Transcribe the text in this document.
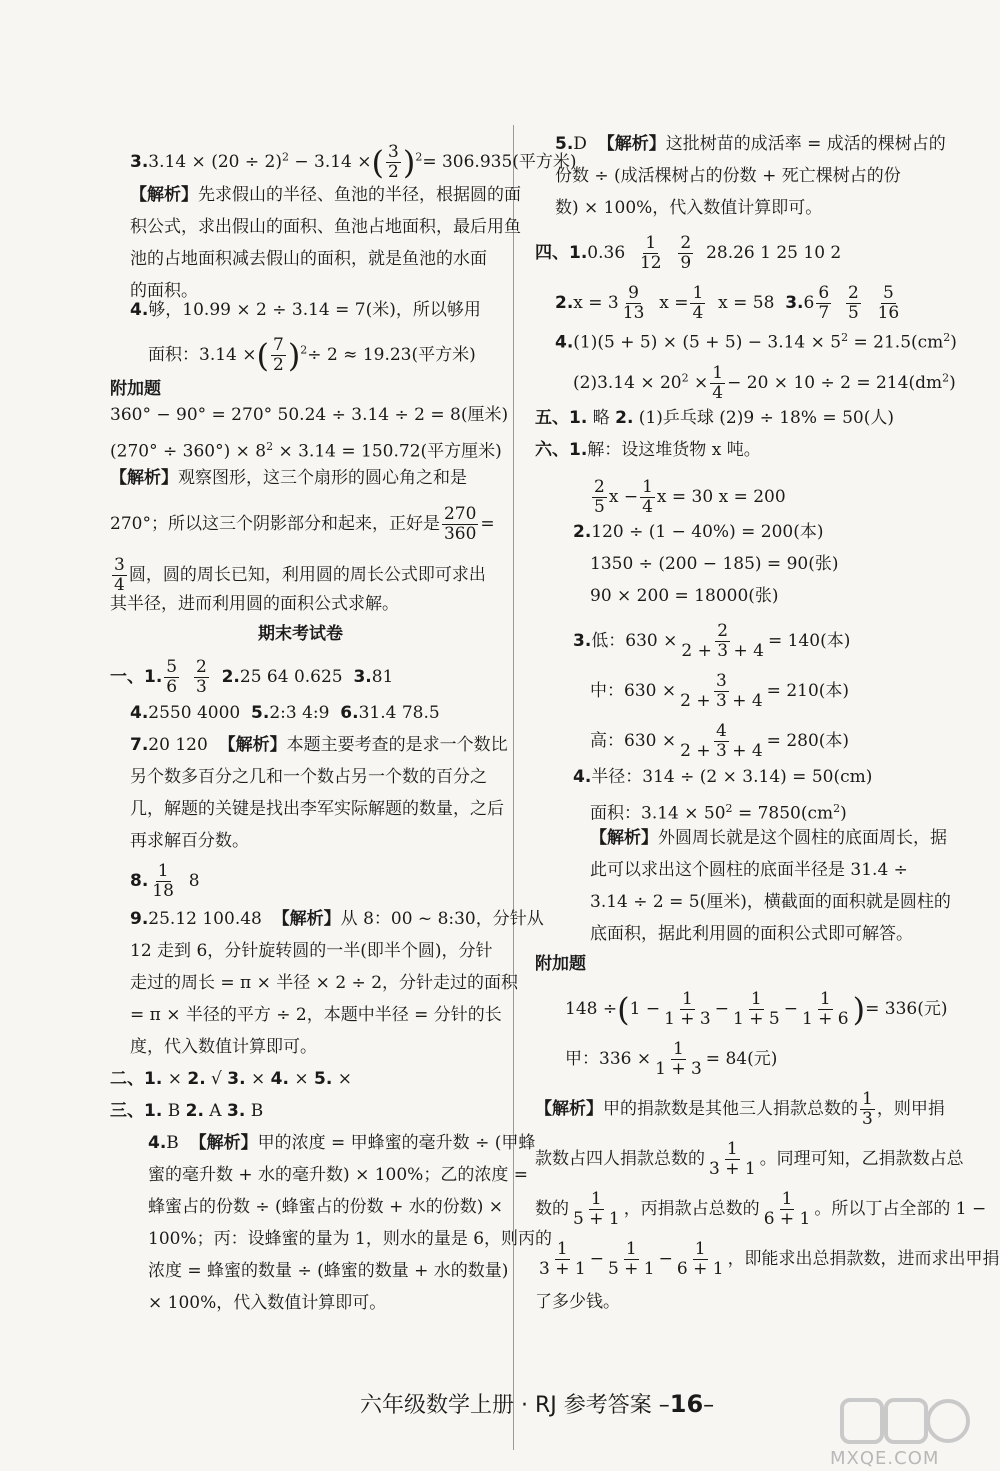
$3.3.14 \times (20 \div 2)^2 - 3.14$ ×( $\frac{3}{2} )^2= 306.935$(平方米)
【解析】先求假山的半径、鱼池的半径，根据圆的面
积公式，求出假山的面积、鱼池占地面积，最后用鱼
池的占地面积减去假山的面积，就是鱼池的水面
的面积。
4.够，10.99 × 2 ÷ 3.14 = 7(米)，所以够用
面积：3.14 ×( $\frac{7}{2} )^2\div 2 \approx 19.23$(平方米)
附加题
360° − 90° = 270° 50.24 ÷ 3.14 ÷ 2 = 8(厘米)
$(270^\circ \div 360^\circ) \times 8^2 \times 3.14 = 150.72$(平方厘米)
【解析】观察图形，这三个扇形的圆心角之和是
270°；所以这三个阴影部分和起来，正好是 $\frac{270}{360}$ =
$\frac{3}{4}$ 圆，圆的周长已知，利用圆的周长公式即可求出
其半径，进而利用圆的面积公式求解。
期末考试卷
一、1. $\frac{5}{6}$
$\frac{2}{3} 2.25$ 64 0.625 3.81
4.2550 4000 5.2:3 4:9 6.31.4 78.5
7.20 120 【解析】本题主要考查的是求一个数比
另个数多百分之几和一个数占另一个数的百分之
几，解题的关键是找出李军实际解题的数量，之后
再求解百分数。
8. $\frac{1}{18} 8$
9.25.12 100.48 【解析】从 8：00 ~ 8:30，分针从
12 走到 6，分针旋转圆的一半(即半个圆)，分针
走过的周长 = π × 半径 × 2 ÷ 2，分针走过的面积
= π × 半径的平方 ÷ 2，本题中半径 = 分针的长
度，代入数值计算即可。
二、1. × 2. √ 3. × 4. × 5. ×
三、1. B 2. A 3. B
4.B 【解析】甲的浓度 = 甲蜂蜜的毫升数 ÷ (甲蜂
蜜的毫升数 + 水的毫升数) × 100%；乙的浓度 =
蜂蜜占的份数 ÷ (蜂蜜占的份数 + 水的份数) ×
100%；丙：设蜂蜜的量为 1，则水的量是 6，则丙的
浓度 = 蜂蜜的数量 ÷ (蜂蜜的数量 + 水的数量)
× 100%，代入数值计算即可。
5.D 【解析】这批树苗的成活率 = 成活的棵树占的
份数 ÷ (成活棵树占的份数 + 死亡棵树占的份
数) × 100%，代入数值计算即可。
四、$1.0.36 \frac{1}{12}$
$\frac{2}{9} 28.26$ 1 25 10 2
$2.x = 3 \frac{9}{13}$ $x = \frac{1}{4}$ x = 58 $3.6 \frac{6}{7}$
$\frac{2}{5}$
$\frac{5}{16}$
$4.(1)(5 + 5) \times (5 + 5) - 3.14 \times 5^2 = 21.5(cm^2)$
$(2)3.14 \times 20^2 \times \frac{1}{4} - 20 \times 10 \div 2 = 214(dm^2)$
五、1. 略 2. (1)乒乓球 (2)9 ÷ 18% = 50(人)
六、1.解：设这堆货物 x 吨。
$\frac{2}{5}$ $x - \frac{1}{4}$ x = 30 x = 200
2.120 ÷ (1 − 40%) = 200(本)
1350 ÷ (200 − 185) = 90(张)
90 × 200 = 18000(张)
3.低：$630 \times \frac{2}{2 + 3 + 4} = 140$(本)
中：$630 \times \frac{3}{2 + 3 + 4} = 210$(本)
高：$630 \times \frac{4}{2 + 3 + 4} = 280$(本)
4.半径：314 ÷ (2 × 3.14) = 50(cm)
面积：$3.14 \times 50^2 = 7850(cm^2)$
【解析】外圆周长就是这个圆柱的底面周长，据
此可以求出这个圆柱的底面半径是 31.4 ÷
3.14 ÷ 2 = 5(厘米)，横截面的面积就是圆柱的
底面积，据此利用圆的面积公式即可解答。
附加题
$148 \div(1 - \frac{1}{1 + 3} - \frac{1}{1 + 5} - \frac{1}{1 + 6}$ )= 336(元)
甲：$336 \times \frac{1}{1 + 3} = 84$(元)
【解析】甲的捐款数是其他三人捐款总数的 $\frac{1}{3}$ ，则甲捐
款数占四人捐款总数的 $\frac{1}{3 + 1}$ 。同理可知，乙捐款数占总
数的 $\frac{1}{5 + 1}$ ，丙捐款占总数的 $\frac{1}{6 + 1}$ 。所以丁占全部的 1 −
$\frac{1}{3 + 1} - \frac{1}{5 + 1} - \frac{1}{6 + 1}$ ，即能求出总捐款数，进而求出甲捐
了多少钱。
六年级数学上册 · RJ 参考答案 –16–
MXQE.COM
